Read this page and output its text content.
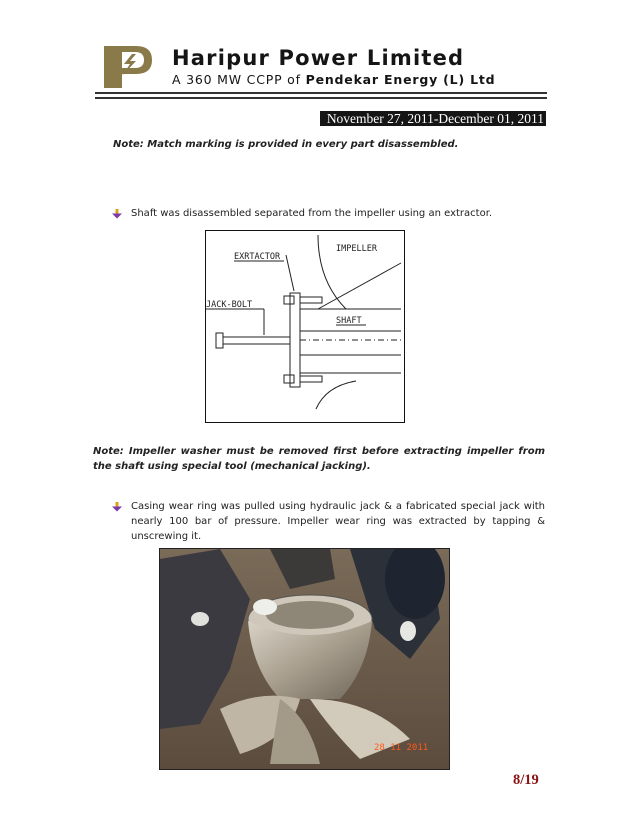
Haripur Power Limited
A 360 MW CCPP of Pendekar Energy (L) Ltd
November 27, 2011-December 01, 2011
Note: Match marking is provided in every part disassembled.
Shaft was disassembled separated from the impeller using an extractor.
IMPELLER
EXRTACTOR
JACK-BOLT
SHAFT
Note: Impeller washer must be removed first before extracting impeller from the shaft using special tool (mechanical jacking).
Casing wear ring was pulled using hydraulic jack & a fabricated special jack with nearly 100 bar of pressure. Impeller wear ring was extracted by tapping & unscrewing it.
28 11 2011
8/19
